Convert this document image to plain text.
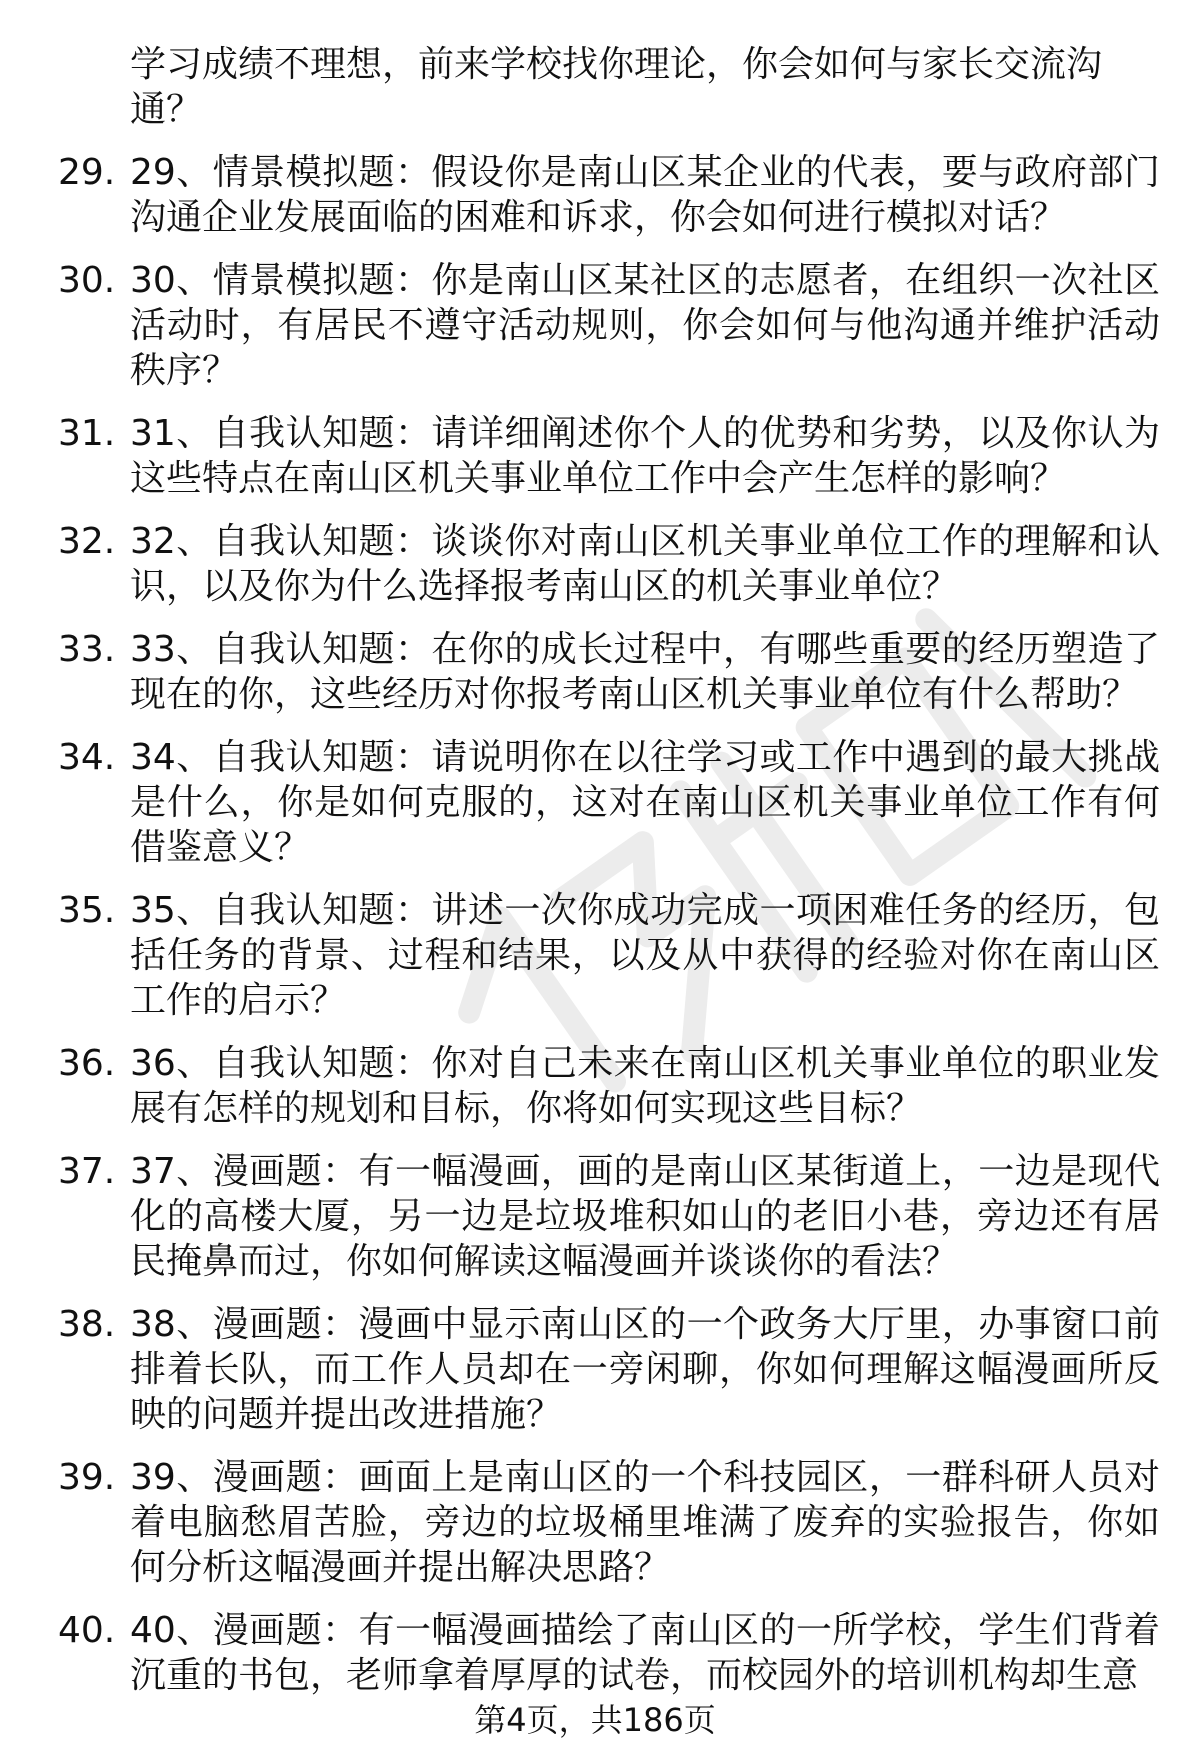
学习成绩不理想，前来学校找你理论，你会如何与家长交流沟通？
29. 29、情景模拟题：假设你是南山区某企业的代表，要与政府部门沟通企业发展面临的困难和诉求，你会如何进行模拟对话？
30. 30、情景模拟题：你是南山区某社区的志愿者，在组织一次社区活动时，有居民不遵守活动规则，你会如何与他沟通并维护活动秩序？
31. 31、自我认知题：请详细阐述你个人的优势和劣势，以及你认为这些特点在南山区机关事业单位工作中会产生怎样的影响？
32. 32、自我认知题：谈谈你对南山区机关事业单位工作的理解和认识，以及你为什么选择报考南山区的机关事业单位？
33. 33、自我认知题：在你的成长过程中，有哪些重要的经历塑造了现在的你，这些经历对你报考南山区机关事业单位有什么帮助？
34. 34、自我认知题：请说明你在以往学习或工作中遇到的最大挑战是什么，你是如何克服的，这对在南山区机关事业单位工作有何借鉴意义？
35. 35、自我认知题：讲述一次你成功完成一项困难任务的经历，包括任务的背景、过程和结果，以及从中获得的经验对你在南山区工作的启示？
36. 36、自我认知题：你对自己未来在南山区机关事业单位的职业发展有怎样的规划和目标，你将如何实现这些目标？
37. 37、漫画题：有一幅漫画，画的是南山区某街道上，一边是现代化的高楼大厦，另一边是垃圾堆积如山的老旧小巷，旁边还有居民掩鼻而过，你如何解读这幅漫画并谈谈你的看法？
38. 38、漫画题：漫画中显示南山区的一个政务大厅里，办事窗口前排着长队，而工作人员却在一旁闲聊，你如何理解这幅漫画所反映的问题并提出改进措施？
39. 39、漫画题：画面上是南山区的一个科技园区，一群科研人员对着电脑愁眉苦脸，旁边的垃圾桶里堆满了废弃的实验报告，你如何分析这幅漫画并提出解决思路？
40. 40、漫画题：有一幅漫画描绘了南山区的一所学校，学生们背着沉重的书包，老师拿着厚厚的试卷，而校园外的培训机构却生意
第4页，共186页
